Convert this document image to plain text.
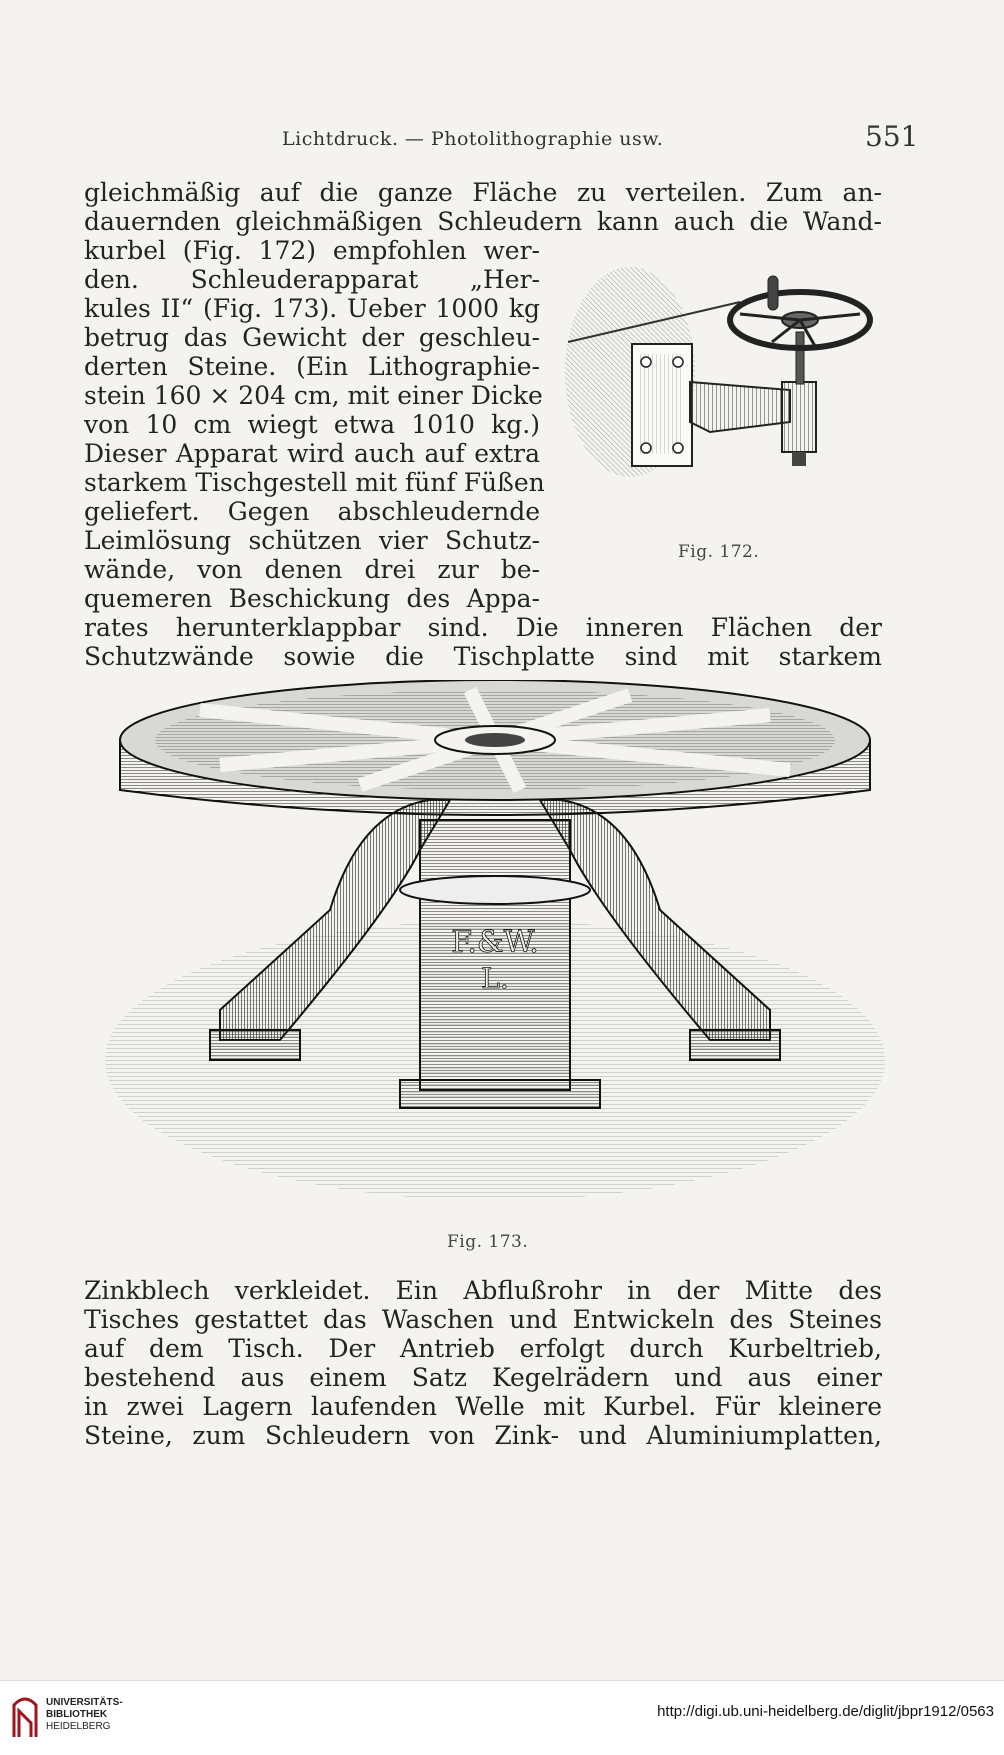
Lichtdruck. — Photolithographie usw.	551
gleichmäßig auf die ganze Fläche zu verteilen. Zum an-
dauernden gleichmäßigen Schleudern kann auch die Wand-
kurbel (Fig. 172) empfohlen wer-
den. Schleuderapparat „Her-
kules II“ (Fig. 173). Ueber 1000 kg
betrug das Gewicht der geschleu-
derten Steine. (Ein Lithographie-
stein 160 × 204 cm, mit einer Dicke
von 10 cm wiegt etwa 1010 kg.)
Dieser Apparat wird auch auf extra
starkem Tischgestell mit fünf Füßen
geliefert. Gegen abschleudernde
Leimlösung schützen vier Schutz-
wände, von denen drei zur be-
quemeren Beschickung des Appa-
rates herunterklappbar sind. Die inneren Flächen der
Schutzwände sowie die Tischplatte sind mit starkem
Fig. 172.
F.&W.
L.
Fig. 173.
Zinkblech verkleidet. Ein Abflußrohr in der Mitte des
Tisches gestattet das Waschen und Entwickeln des Steines
auf dem Tisch. Der Antrieb erfolgt durch Kurbeltrieb,
bestehend aus einem Satz Kegelrädern und aus einer
in zwei Lagern laufenden Welle mit Kurbel. Für kleinere
Steine, zum Schleudern von Zink- und Aluminiumplatten,
UNIVERSITÄTS-
BIBLIOTHEK
HEIDELBERG
http://digi.ub.uni-heidelberg.de/diglit/jbpr1912/0563
